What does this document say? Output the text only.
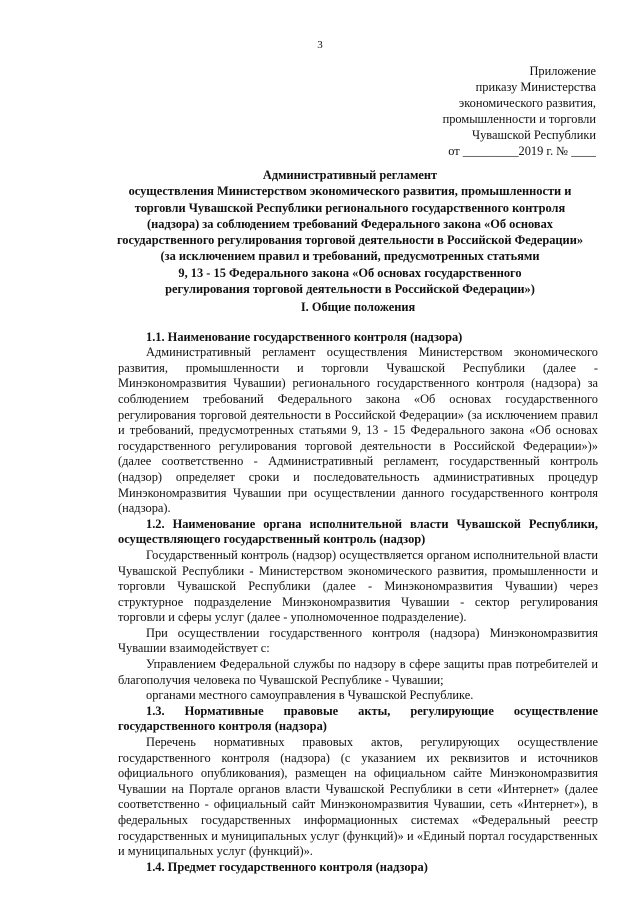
3
Приложение
приказу Министерства
экономического развития,
промышленности и торговли
Чувашской Республики
от _________2019 г. № ____
Административный регламент
осуществления Министерством экономического развития, промышленности и
торговли Чувашской Республики регионального государственного контроля
(надзора) за соблюдением требований Федерального закона «Об основах
государственного регулирования торговой деятельности в Российской Федерации»
(за исключением правил и требований, предусмотренных статьями
9, 13 - 15 Федерального закона «Об основах государственного
регулирования торговой деятельности в Российской Федерации»)
I. Общие положения

1.1. Наименование государственного контроля (надзора)

Административный регламент осуществления Министерством экономического развития, промышленности и торговли Чувашской Республики (далее - Минэкономразвития Чувашии) регионального государственного контроля (надзора) за соблюдением требований Федерального закона «Об основах государственного регулирования торговой деятельности в Российской Федерации» (за исключением правил и требований, предусмотренных статьями 9, 13 - 15 Федерального закона «Об основах государственного регулирования торговой деятельности в Российской Федерации»)» (далее соответственно - Административный регламент, государственный контроль (надзор) определяет сроки и последовательность административных процедур Минэкономразвития Чувашии при осуществлении данного государственного контроля (надзора).

1.2. Наименование органа исполнительной власти Чувашской Республики, осуществляющего государственный контроль (надзор)

Государственный контроль (надзор) осуществляется органом исполнительной власти Чувашской Республики - Министерством экономического развития, промышленности и торговли Чувашской Республики (далее - Минэкономразвития Чувашии) через структурное подразделение Минэкономразвития Чувашии - сектор регулирования торговли и сферы услуг (далее - уполномоченное подразделение).

При осуществлении государственного контроля (надзора) Минэкономразвития Чувашии взаимодействует с:

Управлением Федеральной службы по надзору в сфере защиты прав потребителей и благополучия человека по Чувашской Республике - Чувашии;

органами местного самоуправления в Чувашской Республике.

1.3. Нормативные правовые акты, регулирующие осуществление государственного контроля (надзора)

Перечень нормативных правовых актов, регулирующих осуществление государственного контроля (надзора) (с указанием их реквизитов и источников официального опубликования), размещен на официальном сайте Минэкономразвития Чувашии на Портале органов власти Чувашской Республики в сети «Интернет» (далее соответственно - официальный сайт Минэкономразвития Чувашии, сеть «Интернет»), в федеральных государственных информационных системах «Федеральный реестр государственных и муниципальных услуг (функций)» и «Единый портал государственных и муниципальных услуг (функций)».

1.4. Предмет государственного контроля (надзора)
